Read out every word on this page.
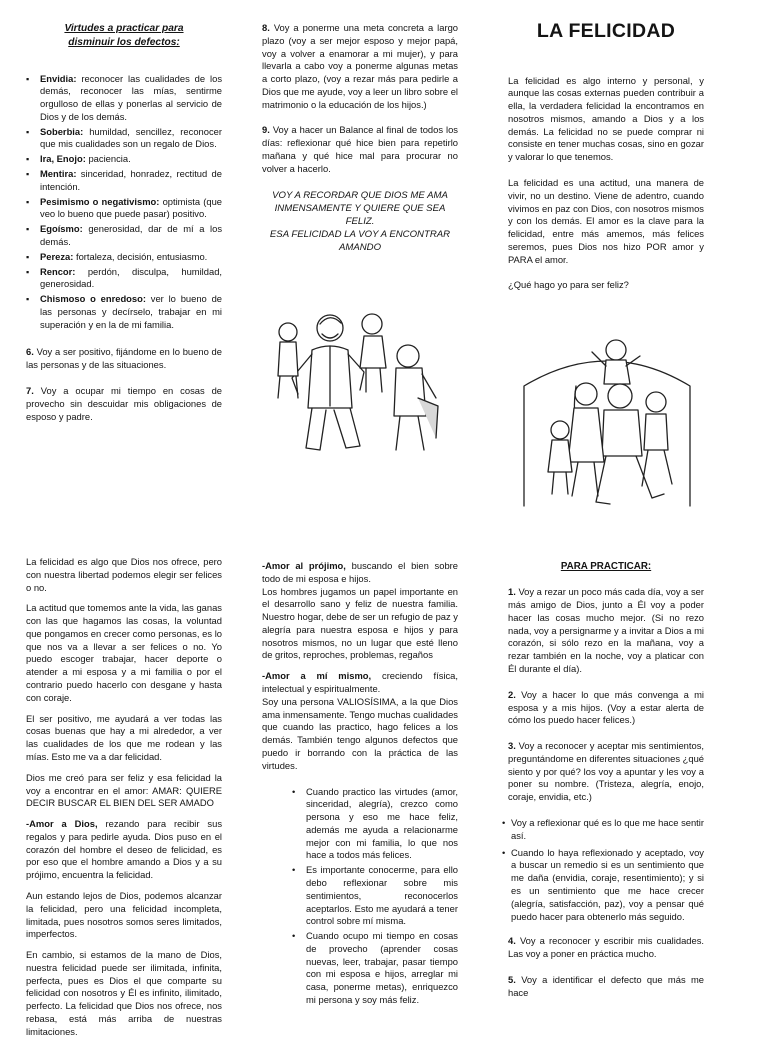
Virtudes a practicar para

disminuir los defectos:

▪ Envidia: reconocer las cualidades de los demás, reconocer las mías, sentirme orgulloso de ellas y ponerlas al servicio de Dios y de los demás.
▪ Soberbia: humildad, sencillez, reconocer que mis cualidades son un regalo de Dios.
▪ Ira, Enojo: paciencia.
▪ Mentira: sinceridad, honradez, rectitud de intención.
▪ Pesimismo o negativismo: optimista (que veo lo bueno que puede pasar) positivo.
▪ Egoísmo: generosidad, dar de mí a los demás.
▪ Pereza: fortaleza, decisión, entusiasmo.
▪ Rencor: perdón, disculpa, humildad, generosidad.
▪ Chismoso o enredoso: ver lo bueno de las personas y decírselo, trabajar en mi superación y en la de mi familia.

6. Voy a ser positivo, fijándome en lo bueno de las personas y de las situaciones.

7. Voy a ocupar mi tiempo en cosas de provecho sin descuidar mis obligaciones de esposo y padre.

8. Voy a ponerme una meta concreta a largo plazo (voy a ser mejor esposo y mejor papá, voy a volver a enamorar a mi mujer), y para llevarla a cabo voy a ponerme algunas metas a corto plazo, (voy a rezar más para pedirle a Dios que me ayude, voy a leer un libro sobre el matrimonio o la educación de los hijos.)

9. Voy a hacer un Balance al final de todos los días: reflexionar qué hice bien para repetirlo mañana y qué hice mal para procurar no volver a hacerlo.

VOY A RECORDAR QUE DIOS ME AMA

INMENSAMENTE Y QUIERE QUE SEA FELIZ.

ESA FELICIDAD LA VOY A ENCONTRAR

AMANDO

LA FELICIDAD

La felicidad es algo interno y personal, y aunque las cosas externas pueden contribuir a ella, la verdadera felicidad la encontramos en nosotros mismos, amando a Dios y a los demás. La felicidad no se puede comprar ni consiste en tener muchas cosas, sino en gozar y valorar lo que tenemos.

La felicidad es una actitud, una manera de vivir, no un destino. Viene de adentro, cuando vivimos en paz con Dios, con nosotros mismos y con los demás. El amor es la clave para la felicidad, entre más amemos, más felices seremos, pues Dios nos hizo POR amor y PARA el amor.

¿Qué hago yo para ser feliz?

La felicidad es algo que Dios nos ofrece, pero con nuestra libertad podemos elegir ser felices o no.

La actitud que tomemos ante la vida, las ganas con las que hagamos las cosas, la voluntad que pongamos en crecer como personas, es lo que nos va a llevar a ser felices o no. Yo puedo escoger trabajar, hacer deporte o atender a mi esposa y a mi familia o por el contrario puedo hacerlo con desgane y hasta con coraje.

El ser positivo, me ayudará a ver todas las cosas buenas que hay a mi alrededor, a ver las cualidades de los que me rodean y las mías. Esto me va a dar felicidad.

Dios me creó para ser feliz y esa felicidad la voy a encontrar en el amor: AMAR: QUIERE DECIR BUSCAR EL BIEN DEL SER AMADO

-Amor a Dios, rezando para recibir sus regalos y para pedirle ayuda. Dios puso en el corazón del hombre el deseo de felicidad, es por eso que el hombre amando a Dios y a su prójimo, encuentra la felicidad.

Aun estando lejos de Dios, podemos alcanzar la felicidad, pero una felicidad incompleta, limitada, pues nosotros somos seres limitados, imperfectos.

En cambio, si estamos de la mano de Dios, nuestra felicidad puede ser ilimitada, infinita, perfecta, pues es Dios el que comparte su felicidad con nosotros y Él es infinito, ilimitado, perfecto. La felicidad que Dios nos ofrece, nos rebasa, está más arriba de nuestras limitaciones.

-Amor al prójimo, buscando el bien sobre todo de mi esposa e hijos.

Los hombres jugamos un papel importante en el desarrollo sano y feliz de nuestra familia. Nuestro hogar, debe de ser un refugio de paz y alegría para nuestra esposa e hijos y para nosotros mismos, no un lugar que esté lleno de gritos, reproches, problemas, regaños

-Amor a mí mismo, creciendo física, intelectual y espiritualmente.

Soy una persona VALIOSÍSIMA, a la que Dios ama inmensamente. Tengo muchas cualidades que cuando las practico, hago felices a los demás. También tengo algunos defectos que puedo ir borrando con la práctica de las virtudes.

• Cuando practico las virtudes (amor, sinceridad, alegría), crezco como persona y eso me hace feliz, además me ayuda a relacionarme mejor con mi familia, lo que nos hace a todos más felices.
• Es importante conocerme, para ello debo reflexionar sobre mis sentimientos, reconocerlos aceptarlos. Esto me ayudará a tener control sobre mí misma.
• Cuando ocupo mi tiempo en cosas de provecho (aprender cosas nuevas, leer, trabajar, pasar tiempo con mi esposa e hijos, arreglar mi casa, ponerme metas), enriquezco mi persona y soy más feliz.

PARA PRACTICAR:

1. Voy a rezar un poco más cada día, voy a ser más amigo de Dios, junto a Él voy a poder hacer las cosas mucho mejor. (Si no rezo nada, voy a persignarme y a invitar a Dios a mi corazón, si sólo rezo en la mañana, voy a rezar también en la noche, voy a platicar con Él durante el día).

2. Voy a hacer lo que más convenga a mi esposa y a mis hijos. (Voy a estar alerta de cómo los puedo hacer felices.)

3. Voy a reconocer y aceptar mis sentimientos, preguntándome en diferentes situaciones ¿qué siento y por qué? los voy a apuntar y les voy a poner su nombre. (Tristeza, alegría, enojo, coraje, envidia, etc.)

• Voy a reflexionar qué es lo que me hace sentir así.
• Cuando lo haya reflexionado y aceptado, voy a buscar un remedio si es un sentimiento que me daña (envidia, coraje, resentimiento); y si es un sentimiento que me hace crecer (alegría, satisfacción, paz), voy a pensar qué puedo hacer para obtenerlo más seguido.

4. Voy a reconocer y escribir mis cualidades. Las voy a poner en práctica mucho.

5. Voy a identificar el defecto que más me hace
